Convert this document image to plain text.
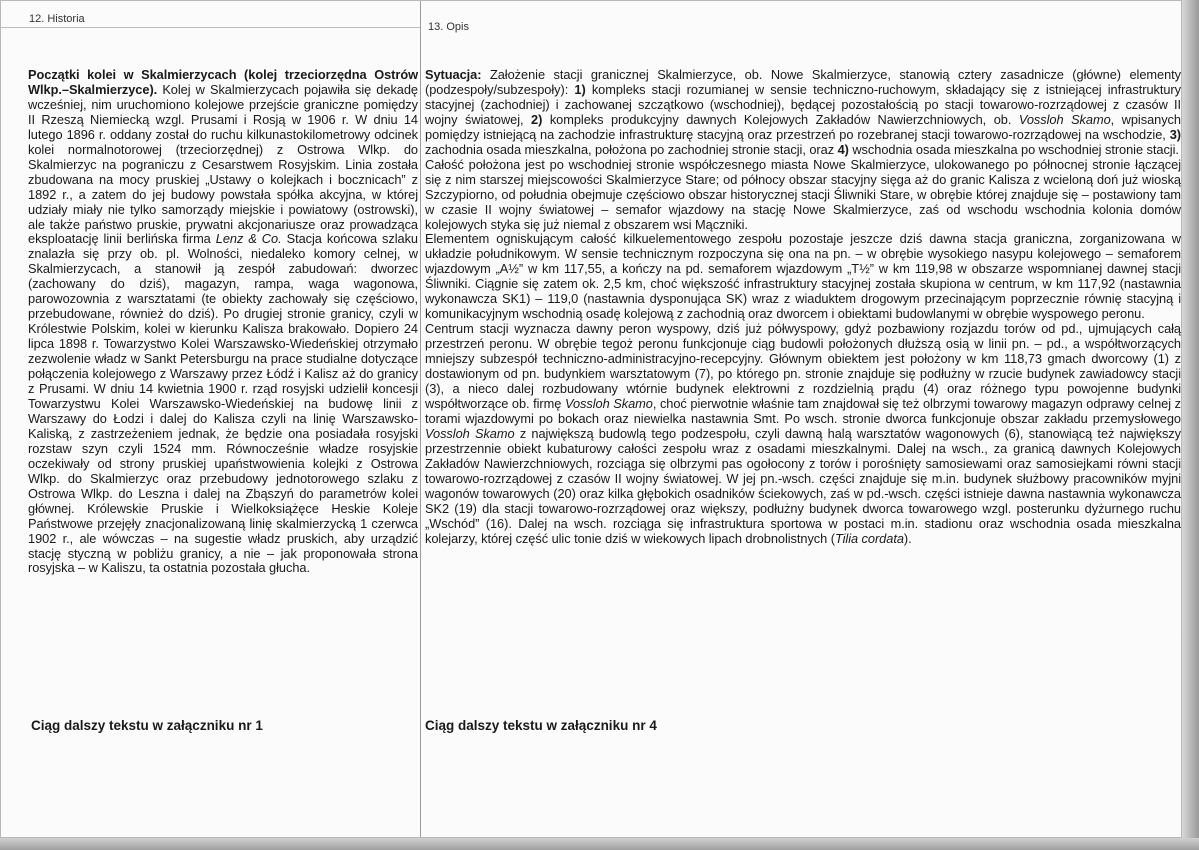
12. Historia

Początki kolei w Skalmierzycach (kolej trzeciorzędna Ostrów Wlkp.–Skalmierzyce). Kolej w Skalmierzycach pojawiła się dekadę wcześniej, nim uruchomiono kolejowe przejście graniczne pomiędzy II Rzeszą Niemiecką wzgl. Prusami i Rosją w 1906 r. W dniu 14 lutego 1896 r. oddany został do ruchu kilkunastokilometrowy odcinek kolei normalnotorowej (trzeciorzędnej) z Ostrowa Wlkp. do Skalmierzyc na pograniczu z Cesarstwem Rosyjskim. Linia została zbudowana na mocy pruskiej „Ustawy o kolejkach i bocznicach” z 1892 r., a zatem do jej budowy powstała spółka akcyjna, w której udziały miały nie tylko samorządy miejskie i powiatowy (ostrowski), ale także państwo pruskie, prywatni akcjonariusze oraz prowadząca eksploatację linii berlińska firma Lenz & Co. Stacja końcowa szlaku znalazła się przy ob. pl. Wolności, niedaleko komory celnej, w Skalmierzycach, a stanowił ją zespół zabudowań: dworzec (zachowany do dziś), magazyn, rampa, waga wagonowa, parowozownia z warsztatami (te obiekty zachowały się częściowo, przebudowane, również do dziś). Po drugiej stronie granicy, czyli w Królestwie Polskim, kolei w kierunku Kalisza brakowało. Dopiero 24 lipca 1898 r. Towarzystwo Kolei Warszawsko-Wiedeńskiej otrzymało zezwolenie władz w Sankt Petersburgu na prace studialne dotyczące połączenia kolejowego z Warszawy przez Łódź i Kalisz aż do granicy z Prusami. W dniu 14 kwietnia 1900 r. rząd rosyjski udzielił koncesji Towarzystwu Kolei Warszawsko-Wiedeńskiej na budowę linii z Warszawy do Łodzi i dalej do Kalisza czyli na linię Warszawsko-Kaliską, z zastrzeżeniem jednak, że będzie ona posiadała rosyjski rozstaw szyn czyli 1524 mm. Równocześnie władze rosyjskie oczekiwały od strony pruskiej upaństwowienia kolejki z Ostrowa Wlkp. do Skalmierzyc oraz przebudowy jednotorowego szlaku z Ostrowa Wlkp. do Leszna i dalej na Zbąszyń do parametrów kolei głównej. Królewskie Pruskie i Wielkoksiążęce Heskie Koleje Państwowe przejęły znacjonalizowaną linię skalmierzycką 1 czerwca 1902 r., ale wówczas – na sugestie władz pruskich, aby urządzić stację styczną w pobliżu granicy, a nie – jak proponowała strona rosyjska – w Kaliszu, ta ostatnia pozostała głucha.

Ciąg dalszy tekstu w załączniku nr 1
13. Opis

Sytuacja: Założenie stacji granicznej Skalmierzyce, ob. Nowe Skalmierzyce, stanowią cztery zasadnicze (główne) elementy (podzespoły/subzespoły): 1) kompleks stacji rozumianej w sensie techniczno-ruchowym, składający się z istniejącej infrastruktury stacyjnej (zachodniej) i zachowanej szczątkowo (wschodniej), będącej pozostałością po stacji towarowo-rozrządowej z czasów II wojny światowej, 2) kompleks produkcyjny dawnych Kolejowych Zakładów Nawierzchniowych, ob. Vossloh Skamo, wpisanych pomiędzy istniejącą na zachodzie infrastrukturę stacyjną oraz przestrzeń po rozebranej stacji towarowo-rozrządowej na wschodzie, 3) zachodnia osada mieszkalna, położona po zachodniej stronie stacji, oraz 4) wschodnia osada mieszkalna po wschodniej stronie stacji.

Całość położona jest po wschodniej stronie współczesnego miasta Nowe Skalmierzyce, ulokowanego po północnej stronie łączącej się z nim starszej miejscowości Skalmierzyce Stare; od północy obszar stacyjny sięga aż do granic Kalisza z wcieloną doń już wioską Szczypiorno, od południa obejmuje częściowo obszar historycznej stacji Śliwniki Stare, w obrębie której znajduje się – postawiony tam w czasie II wojny światowej – semafor wjazdowy na stację Nowe Skalmierzyce, zaś od wschodu wschodnia kolonia domów kolejowych styka się już niemal z obszarem wsi Mączniki.

Elementem ogniskującym całość kilkuelementowego zespołu pozostaje jeszcze dziś dawna stacja graniczna, zorganizowana w układzie południkowym. W sensie technicznym rozpoczyna się ona na pn. – w obrębie wysokiego nasypu kolejowego – semaforem wjazdowym „A½” w km 117,55, a kończy na pd. semaforem wjazdowym „T½” w km 119,98 w obszarze wspomnianej dawnej stacji Śliwniki. Ciągnie się zatem ok. 2,5 km, choć większość infrastruktury stacyjnej została skupiona w centrum, w km 117,92 (nastawnia wykonawcza SK1) – 119,0 (nastawnia dysponująca SK) wraz z wiaduktem drogowym przecinającym poprzecznie równię stacyjną i komunikacyjnym wschodnią osadę kolejową z zachodnią oraz dworcem i obiektami budowlanymi w obrębie wyspowego peronu.

Centrum stacji wyznacza dawny peron wyspowy, dziś już półwyspowy, gdyż pozbawiony rozjazdu torów od pd., ujmujących całą przestrzeń peronu. W obrębie tegoż peronu funkcjonuje ciąg budowli położonych dłuższą osią w linii pn. – pd., a współtworzących mniejszy subzespół techniczno-administracyjno-recepcyjny. Głównym obiektem jest położony w km 118,73 gmach dworcowy (1) z dostawionym od pn. budynkiem warsztatowym (7), po którego pn. stronie znajduje się podłużny w rzucie budynek zawiadowcy stacji (3), a nieco dalej rozbudowany wtórnie budynek elektrowni z rozdzielnią prądu (4) oraz różnego typu powojenne budynki współtworzące ob. firmę Vossloh Skamo, choć pierwotnie właśnie tam znajdował się też olbrzymi towarowy magazyn odprawy celnej z torami wjazdowymi po bokach oraz niewielka nastawnia Smt. Po wsch. stronie dworca funkcjonuje obszar zakładu przemysłowego Vossloh Skamo z największą budowlą tego podzespołu, czyli dawną halą warsztatów wagonowych (6), stanowiącą też największy przestrzennie obiekt kubaturowy całości zespołu wraz z osadami mieszkalnymi. Dalej na wsch., za granicą dawnych Kolejowych Zakładów Nawierzchniowych, rozciąga się olbrzymi pas ogołocony z torów i porośnięty samosiewami oraz samosiejkami równi stacji towarowo-rozrządowej z czasów II wojny światowej. W jej pn.-wsch. części znajduje się m.in. budynek służbowy pracowników myjni wagonów towarowych (20) oraz kilka głębokich osadników ściekowych, zaś w pd.-wsch. części istnieje dawna nastawnia wykonawcza SK2 (19) dla stacji towarowo-rozrządowej oraz większy, podłużny budynek dworca towarowego wzgl. posterunku dyżurnego ruchu „Wschód” (16). Dalej na wsch. rozciąga się infrastruktura sportowa w postaci m.in. stadionu oraz wschodnia osada mieszkalna kolejarzy, której część ulic tonie dziś w wiekowych lipach drobnolistnych (Tilia cordata).

Ciąg dalszy tekstu w załączniku nr 4
